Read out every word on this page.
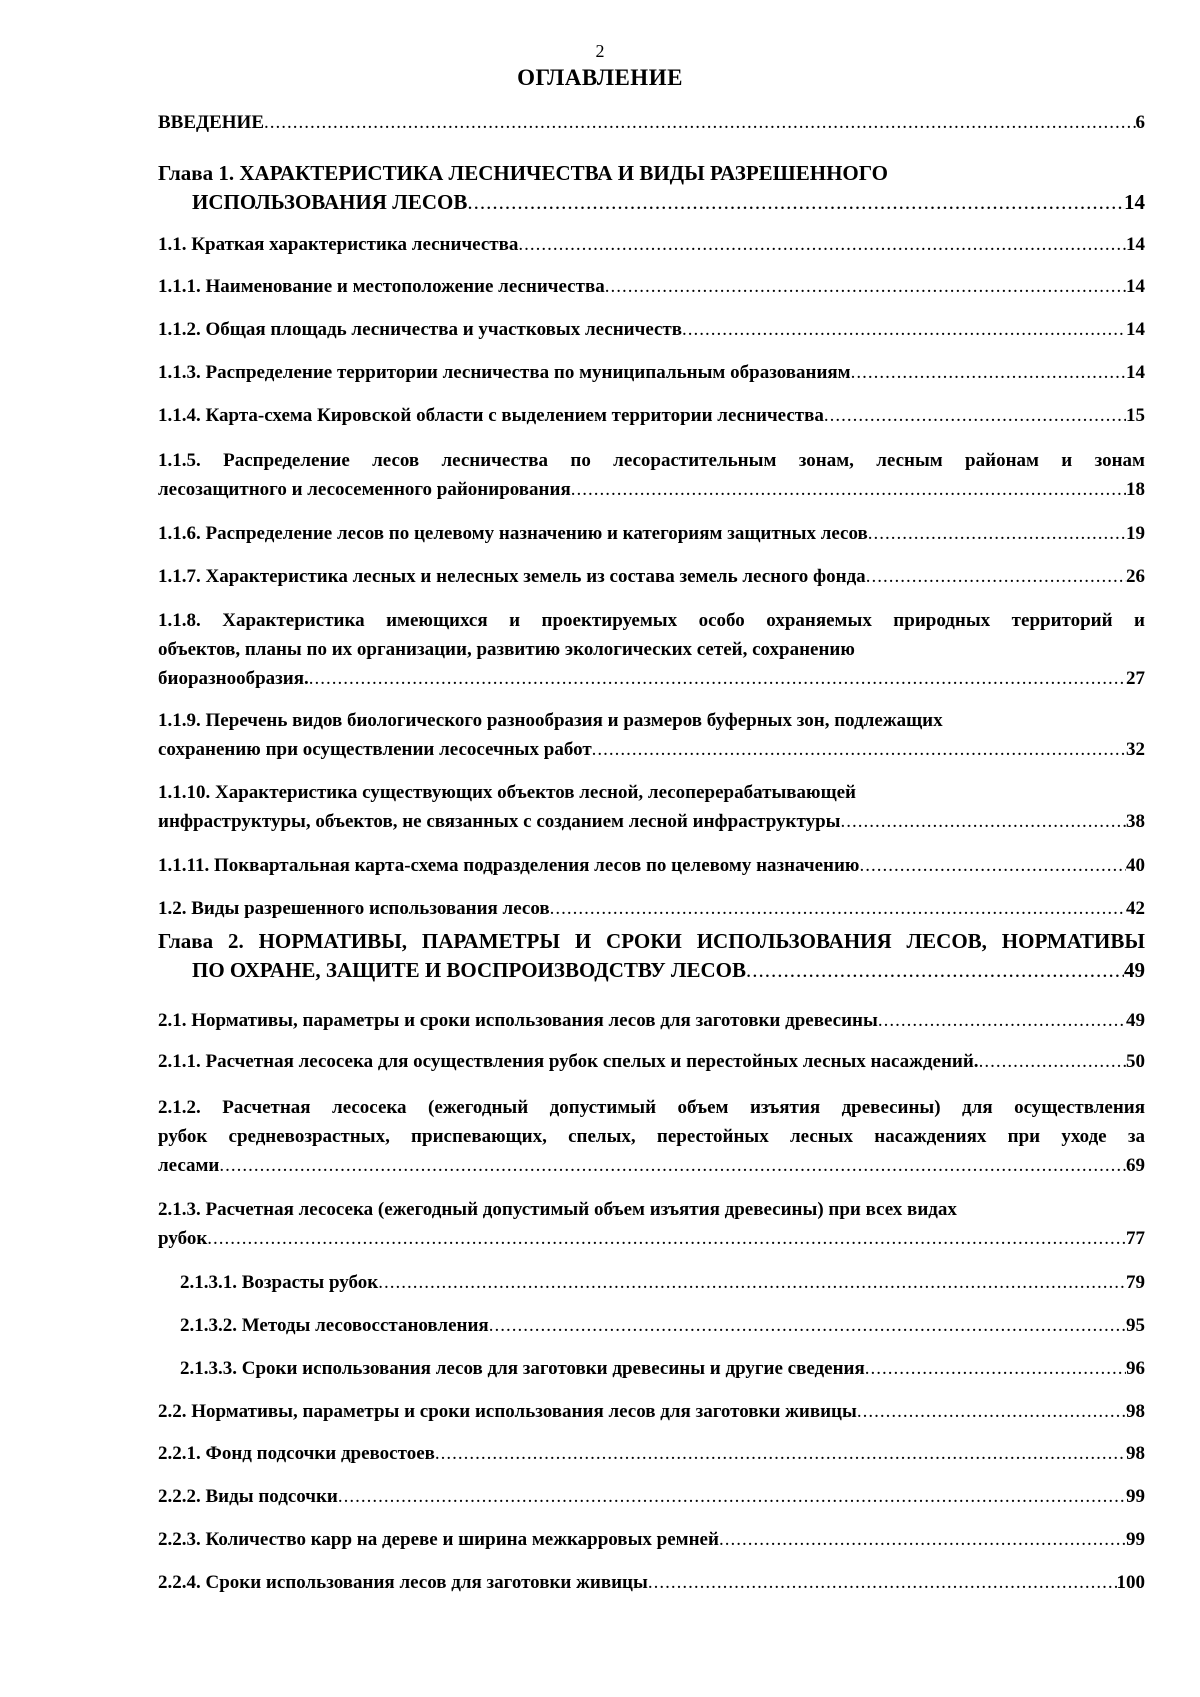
2
ОГЛАВЛЕНИЕ
ВВЕДЕНИЕ .....	6
Глава 1. ХАРАКТЕРИСТИКА ЛЕСНИЧЕСТВА И ВИДЫ РАЗРЕШЕННОГО
ИСПОЛЬЗОВАНИЯ ЛЕСОВ .....	14
1.1. Краткая характеристика лесничества .....	14
1.1.1. Наименование и местоположение лесничества .....	14
1.1.2. Общая площадь лесничества и участковых лесничеств .....	14
1.1.3. Распределение территории лесничества по муниципальным образованиям .....	14
1.1.4. Карта-схема Кировской области с выделением территории лесничества .....	15
1.1.5. Распределение лесов лесничества по лесорастительным зонам, лесным районам и зонам
лесозащитного и лесосеменного районирования .....	18
1.1.6. Распределение лесов по целевому назначению и категориям защитных лесов .....	19
1.1.7. Характеристика лесных и нелесных земель из состава земель лесного фонда .....	26
1.1.8. Характеристика имеющихся и проектируемых особо охраняемых природных территорий и
объектов, планы по их организации, развитию экологических сетей, сохранению
биоразнообразия. .....	27
1.1.9. Перечень видов биологического разнообразия и размеров буферных зон, подлежащих
сохранению при осуществлении лесосечных работ .....	32
1.1.10. Характеристика существующих объектов лесной, лесоперерабатывающей
инфраструктуры, объектов, не связанных с созданием лесной инфраструктуры .....	38
1.1.11. Поквартальная карта-схема подразделения лесов по целевому назначению .....	40
1.2. Виды разрешенного использования лесов .....	42
Глава 2. НОРМАТИВЫ, ПАРАМЕТРЫ И СРОКИ ИСПОЛЬЗОВАНИЯ ЛЕСОВ, НОРМАТИВЫ
ПО ОХРАНЕ, ЗАЩИТЕ И ВОСПРОИЗВОДСТВУ ЛЕСОВ .....	49
2.1. Нормативы, параметры и сроки использования лесов для заготовки древесины .....	49
2.1.1. Расчетная лесосека для осуществления рубок спелых и перестойных лесных насаждений. .....	50
2.1.2. Расчетная лесосека (ежегодный допустимый объем изъятия древесины) для осуществления
рубок средневозрастных, приспевающих, спелых, перестойных лесных насаждениях при уходе за
лесами .....	69
2.1.3. Расчетная лесосека (ежегодный допустимый объем изъятия древесины) при всех видах
рубок .....	77
2.1.3.1. Возрасты рубок .....	79
2.1.3.2. Методы лесовосстановления .....	95
2.1.3.3. Сроки использования лесов для заготовки древесины и другие сведения .....	96
2.2. Нормативы, параметры и сроки использования лесов для заготовки живицы .....	98
2.2.1. Фонд подсочки древостоев .....	98
2.2.2. Виды подсочки .....	99
2.2.3. Количество карр на дереве и ширина межкарровых ремней .....	99
2.2.4. Сроки использования лесов для заготовки живицы .....	100
